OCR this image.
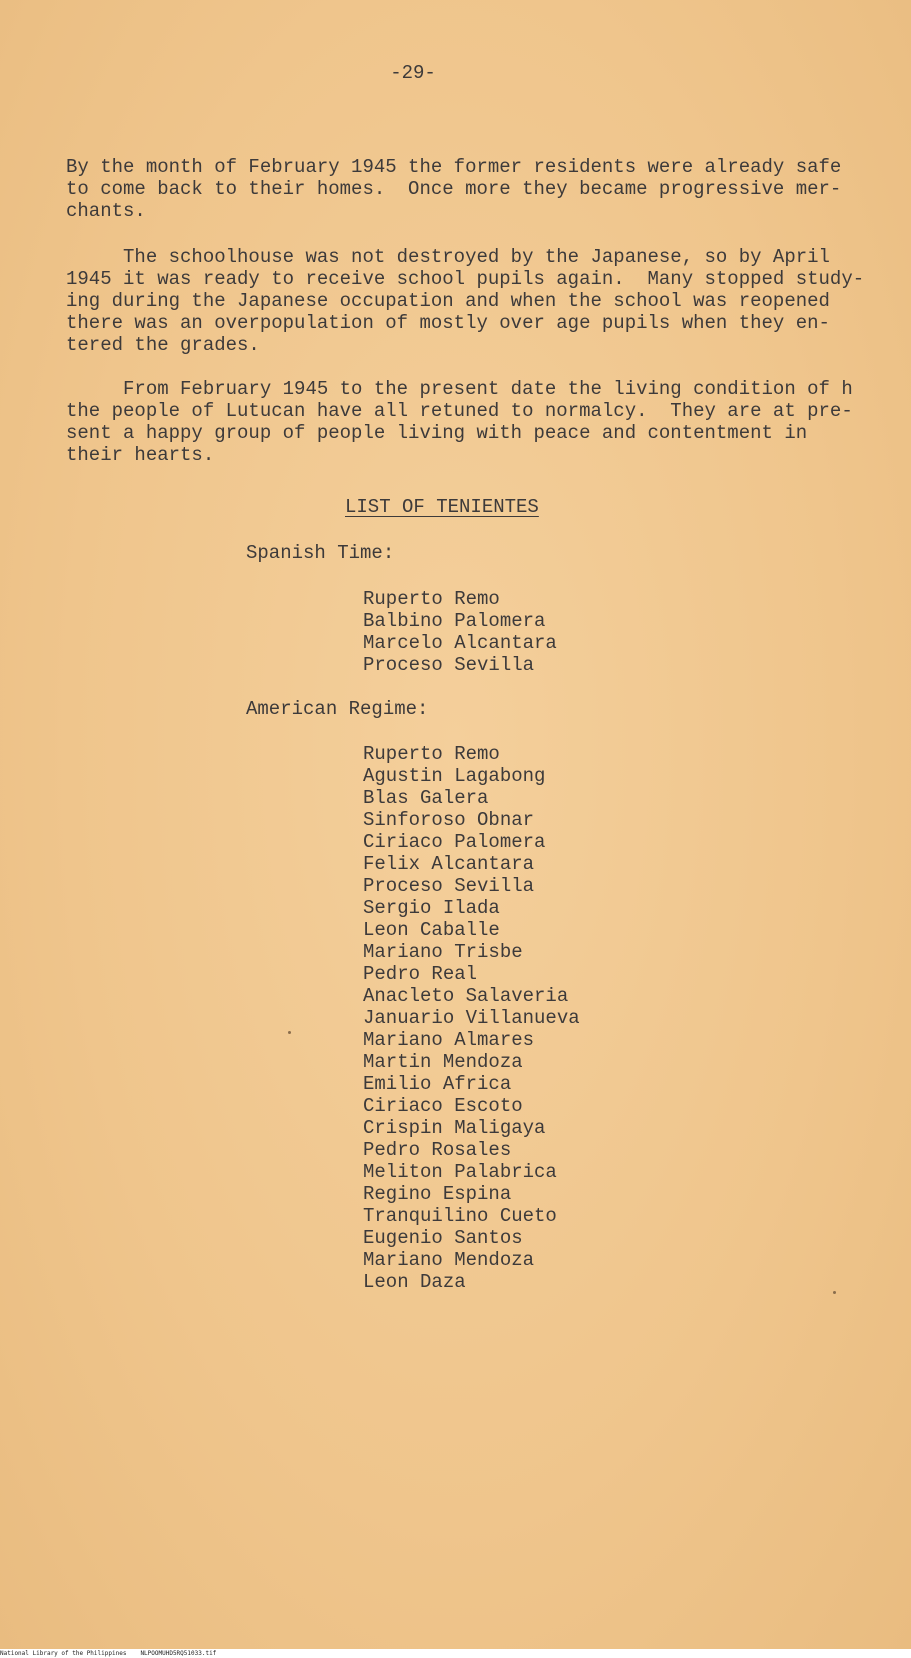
-29-

By the month of February 1945 the former residents were already safe
to come back to their homes.  Once more they became progressive mer-
chants.

The schoolhouse was not destroyed by the Japanese, so by April
1945 it was ready to receive school pupils again.  Many stopped study-
ing during the Japanese occupation and when the school was reopened
there was an overpopulation of mostly over age pupils when they en-
tered the grades.

From February 1945 to the present date the living condition of h
the people of Lutucan have all retuned to normalcy.  They are at pre-
sent a happy group of people living with peace and contentment in
their hearts.

LIST OF TENIENTES
Spanish Time:
Ruperto Remo
Balbino Palomera
Marcelo Alcantara
Proceso Sevilla
American Regime:
Ruperto Remo
Agustin Lagabong
Blas Galera
Sinforoso Obnar
Ciriaco Palomera
Felix Alcantara
Proceso Sevilla
Sergio Ilada
Leon Caballe
Mariano Trisbe
Pedro Real
Anacleto Salaveria
Januario Villanueva
Mariano Almares
Martin Mendoza
Emilio Africa
Ciriaco Escoto
Crispin Maligaya
Pedro Rosales
Meliton Palabrica
Regino Espina
Tranquilino Cueto
Eugenio Santos
Mariano Mendoza
Leon Daza
National Library of the Philippines NLPOOMUHD5RQ51033.tif
